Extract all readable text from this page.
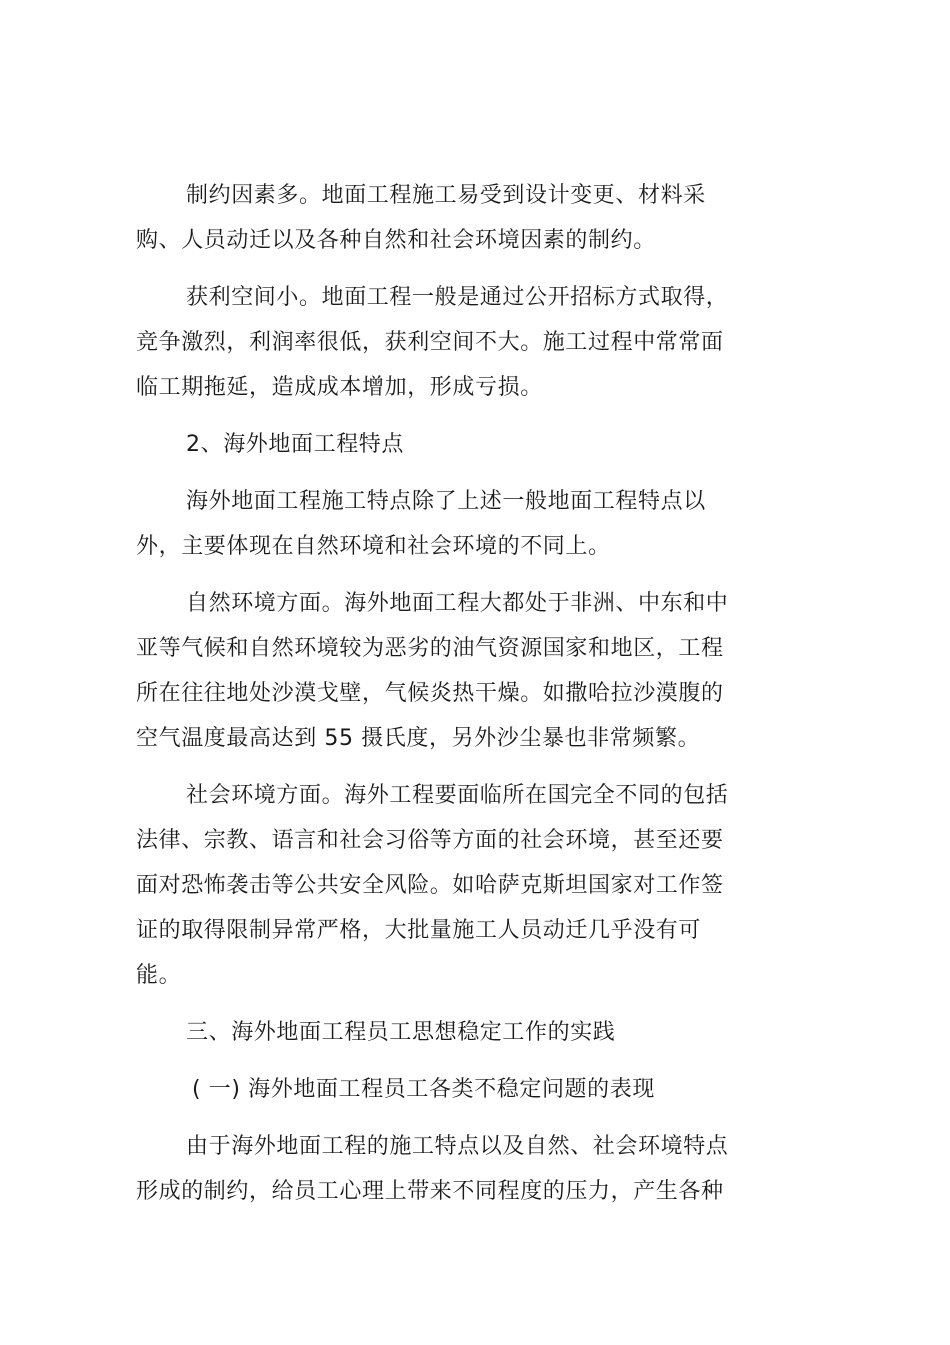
制约因素多。地面工程施工易受到设计变更、材料采购、人员动迁以及各种自然和社会环境因素的制约。

获利空间小。地面工程一般是通过公开招标方式取得，竞争激烈，利润率很低，获利空间不大。施工过程中常常面临工期拖延，造成成本增加，形成亏损。

2、海外地面工程特点

海外地面工程施工特点除了上述一般地面工程特点以外，主要体现在自然环境和社会环境的不同上。

自然环境方面。海外地面工程大都处于非洲、中东和中亚等气候和自然环境较为恶劣的油气资源国家和地区，工程所在往往地处沙漠戈壁，气候炎热干燥。如撒哈拉沙漠腹的空气温度最高达到 55 摄氏度，另外沙尘暴也非常频繁。

社会环境方面。海外工程要面临所在国完全不同的包括法律、宗教、语言和社会习俗等方面的社会环境，甚至还要面对恐怖袭击等公共安全风险。如哈萨克斯坦国家对工作签证的取得限制异常严格，大批量施工人员动迁几乎没有可能。

三、海外地面工程员工思想稳定工作的实践

( 一) 海外地面工程员工各类不稳定问题的表现

由于海外地面工程的施工特点以及自然、社会环境特点形成的制约，给员工心理上带来不同程度的压力，产生各种
